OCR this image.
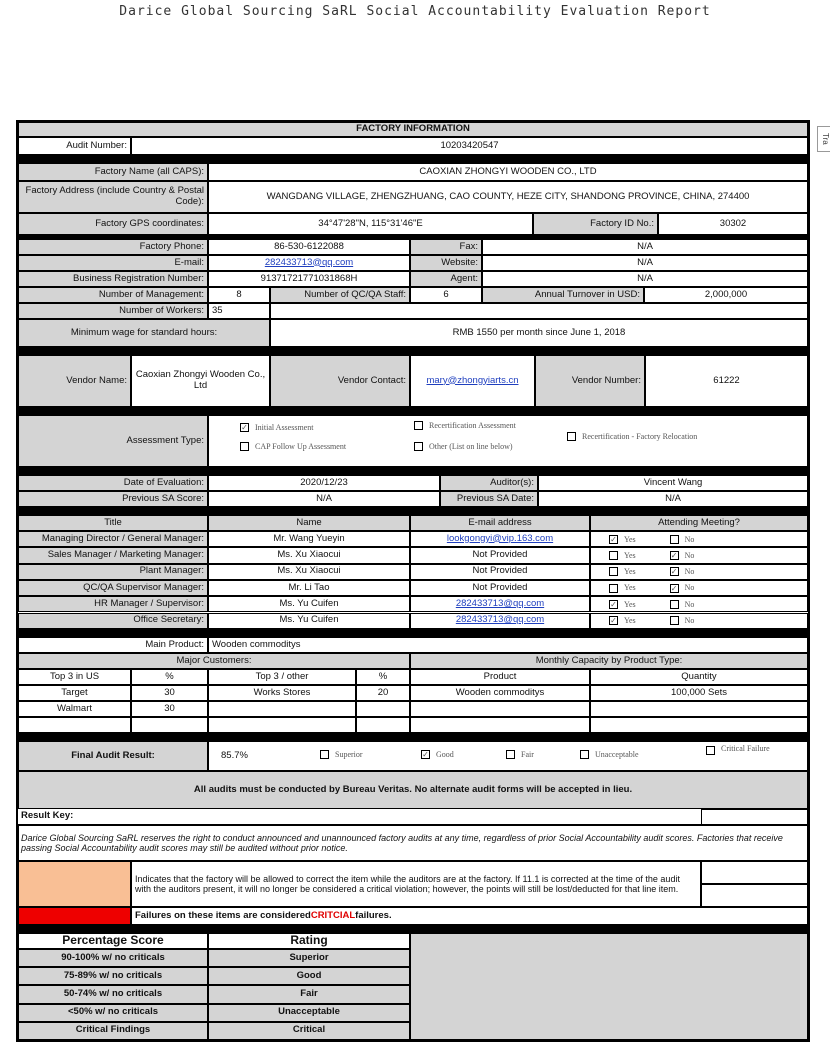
Darice Global Sourcing SaRL Social Accountability Evaluation Report
Tra
FACTORY INFORMATION
Audit Number:	10203420547
Factory Name (all CAPS):	CAOXIAN ZHONGYI WOODEN CO., LTD
Factory Address (include Country & Postal Code):	WANGDANG VILLAGE, ZHENGZHUANG, CAO COUNTY, HEZE CITY, SHANDONG PROVINCE, CHINA, 274400
Factory GPS coordinates:	34°47'28"N, 115°31'46"E	Factory ID No.:	30302
Factory Phone:	86-530-6122088	Fax:	N/A
E-mail:	282433713@qq.com	Website:	N/A
Business Registration Number:	91371721771031868H	Agent:	N/A
Number of Management:	8	Number of QC/QA Staff:	6	Annual Turnover in USD:	2,000,000
Number of Workers: 35
Minimum wage for standard hours:	RMB 1550 per month since June 1, 2018
Vendor Name: Caoxian Zhongyi Wooden Co., Ltd	Vendor Contact:	mary@zhongyiarts.cn	Vendor Number:	61222
Assessment Type:
✓ Initial Assessment	Recertification Assessment
Recertification - Factory Relocation
CAP Follow Up Assessment	Other (List on line below)
Date of Evaluation:	2020/12/23	Auditor(s):	Vincent Wang
Previous SA Score:	N/A	Previous SA Date:	N/A
Title	Name	E-mail address	Attending Meeting?
Managing Director / General Manager:	Mr. Wang Yueyin	lookgongyi@vip.163.com	✓ Yes	No
Sales Manager / Marketing Manager:	Ms. Xu Xiaocui	Not Provided	Yes	✓ No
Plant Manager:	Ms. Xu Xiaocui	Not Provided	Yes	✓ No
QC/QA Supervisor Manager:	Mr. Li Tao	Not Provided	Yes	✓ No
HR Manager / Supervisor:	Ms. Yu Cuifen	282433713@qq.com	✓ Yes	No
Office Secretary:	Ms. Yu Cuifen	282433713@qq.com	✓ Yes	No
Main Product: Wooden commoditys
Major Customers:	Monthly Capacity by Product Type:
Top 3 in US	%	Top 3 / other	%	Product	Quantity
Target	30	Works Stores	20	Wooden commoditys	100,000 Sets
Walmart	30
Final Audit Result:	85.7%	Superior	✓ Good	Fair	Unacceptable
Critical Failure
All audits must be conducted by Bureau Veritas. No alternate audit forms will be accepted in lieu.
Result Key:
Darice Global Sourcing SaRL reserves the right to conduct announced and unannounced factory audits at any time, regardless of prior Social Accountability audit scores. Factories that receive passing Social Accountability audit scores may still be audited without prior notice.
Indicates that the factory will be allowed to correct the item while the auditors are at the factory. If 11.1 is corrected at the time of the audit with the auditors present, it will no longer be considered a critical violation; however, the points will still be lost/deducted for that line item.
Failures on these items are considered CRITCIAL failures.
Percentage Score	Rating
90-100% w/ no criticals	Superior
75-89% w/ no criticals	Good
50-74% w/ no criticals	Fair
<50% w/ no criticals	Unacceptable
Critical Findings	Critical
